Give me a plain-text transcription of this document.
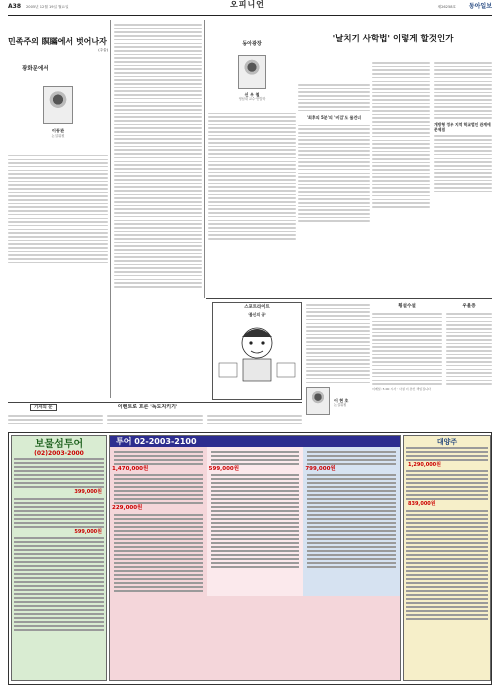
A38 2005년 12월 19일 월요일	오피니언	제26258호 동아일보
민족주의 瞑瞞에서 벗어나자
(주술)
광화문에서
이동관
논설위원
동아광장
신 우 철
영남대 교수·헌법학
'최후의 5분'의 '비겁'도 물건너
'날치기 사학법' 이렇게 할것인가
개방형 정우 지역 학교법인 관계에 문제점
스포트라이트
'불신의 공'
횡설수설
이메일: 5:00 시사ㆍ사설 이 본인 책임집니다
우울증
이 현 호
논설위원
기자의 눈	이벤트로 흐른 '독도지키기'
보물섬투어
(02)2003-2000
399,000원
599,000원
투어 02-2003-2100
1,470,000원
229,000원
599,000원	799,000원
대양주
1,290,000원
839,000원
